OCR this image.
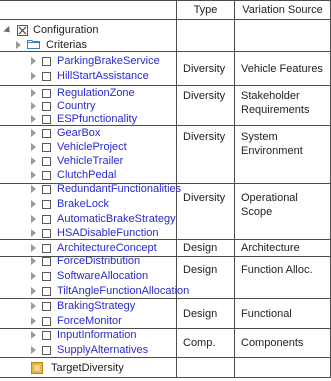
Type	Variation Source
Configuration
Criterias
Diversity Vehicle Features
ParkingBrakeService
HillStartAssistance
Diversity Stakeholder Requirements
RegulationZone
Country
ESPfunctionality
Diversity System Environment
GearBox
VehicleProject
VehicleTrailer
ClutchPedal
Diversity Operational Scope
RedundantFunctionalities
BrakeLock
AutomaticBrakeStrategy
HSADisableFunction
Design Architecture
ArchitectureConcept
Design Function Alloc.
ForceDistribution
SoftwareAllocation
TiltAngleFunctionAllocation
Design Functional
BrakingStrategy
ForceMonitor
Comp. Components
InputInformation
SupplyAlternatives
TargetDiversity
